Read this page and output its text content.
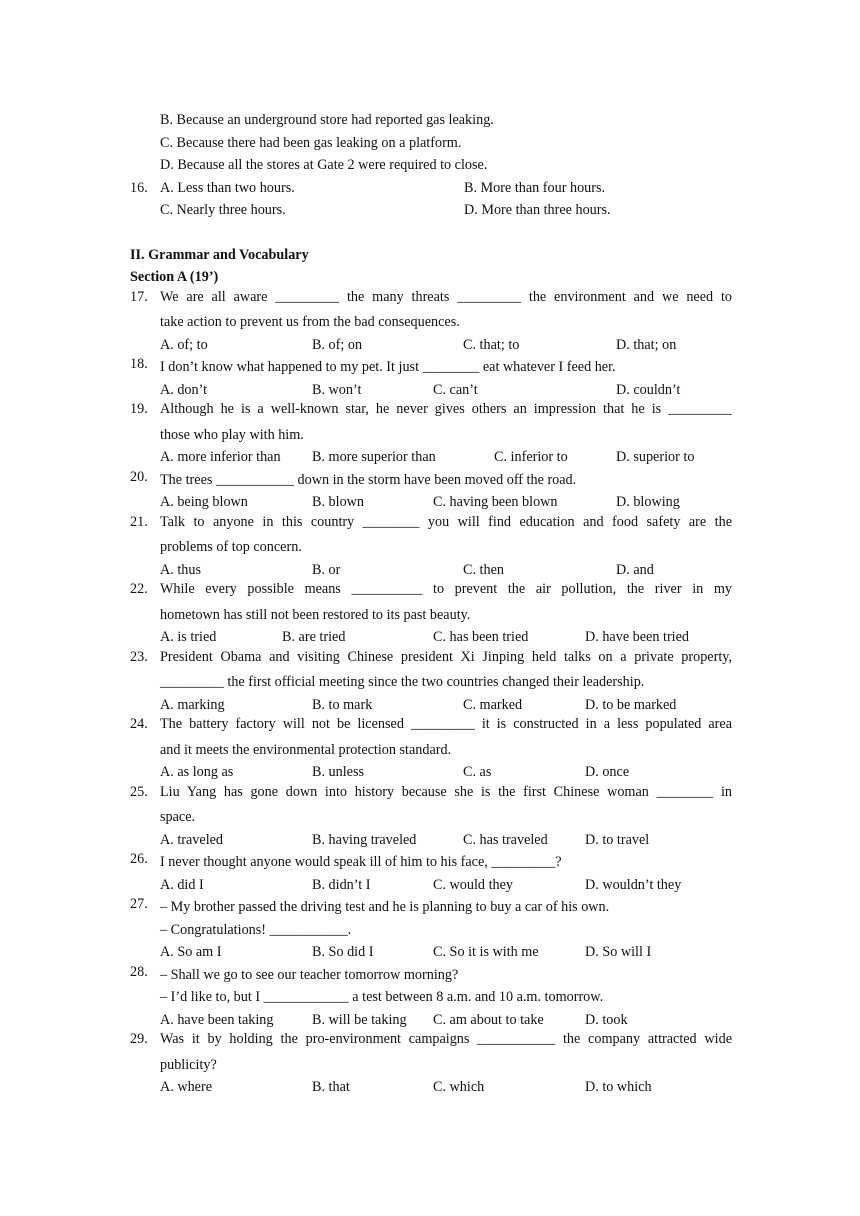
B. Because an underground store had reported gas leaking.
C. Because there had been gas leaking on a platform.
D. Because all the stores at Gate 2 were required to close.
16. A. Less than two hours.	B. More than four hours.
C. Nearly three hours.	D. More than three hours.
II. Grammar and Vocabulary
Section A (19’)
17. We are all aware _________ the many threats _________ the environment and we need to
take action to prevent us from the bad consequences.
A. of; to	B. of; on	C. that; to	D. that; on
18. I don’t know what happened to my pet. It just ________ eat whatever I feed her.
A. don’t	B. won’t	C. can’t	D. couldn’t
19. Although he is a well-known star, he never gives others an impression that he is _________
those who play with him.
A. more inferior than B. more superior than	C. inferior to	D. superior to
20. The trees ___________ down in the storm have been moved off the road.
A. being blown	B. blown	C. having been blown	D. blowing
21. Talk to anyone in this country ________ you will find education and food safety are the
problems of top concern.
A. thus	B. or	C. then	D. and
22. While every possible means __________ to prevent the air pollution, the river in my
hometown has still not been restored to its past beauty.
A. is tried	B. are tried	C. has been tried	D. have been tried
23. President Obama and visiting Chinese president Xi Jinping held talks on a private property,
_________ the first official meeting since the two countries changed their leadership.
A. marking	B. to mark	C. marked	D. to be marked
24. The battery factory will not be licensed _________ it is constructed in a less populated area
and it meets the environmental protection standard.
A. as long as	B. unless	C. as	D. once
25. Liu Yang has gone down into history because she is the first Chinese woman ________ in
space.
A. traveled	B. having traveled	C. has traveled	D. to travel
26. I never thought anyone would speak ill of him to his face, _________?
A. did I	B. didn’t I	C. would they	D. wouldn’t they
27. – My brother passed the driving test and he is planning to buy a car of his own.
– Congratulations! ___________.
A. So am I	B. So did I	C. So it is with me	D. So will I
28. – Shall we go to see our teacher tomorrow morning?
– I’d like to, but I ____________ a test between 8 a.m. and 10 a.m. tomorrow.
A. have been taking	B. will be taking C. am about to take	D. took
29. Was it by holding the pro-environment campaigns ___________ the company attracted wide
publicity?
A. where	B. that	C. which	D. to which
